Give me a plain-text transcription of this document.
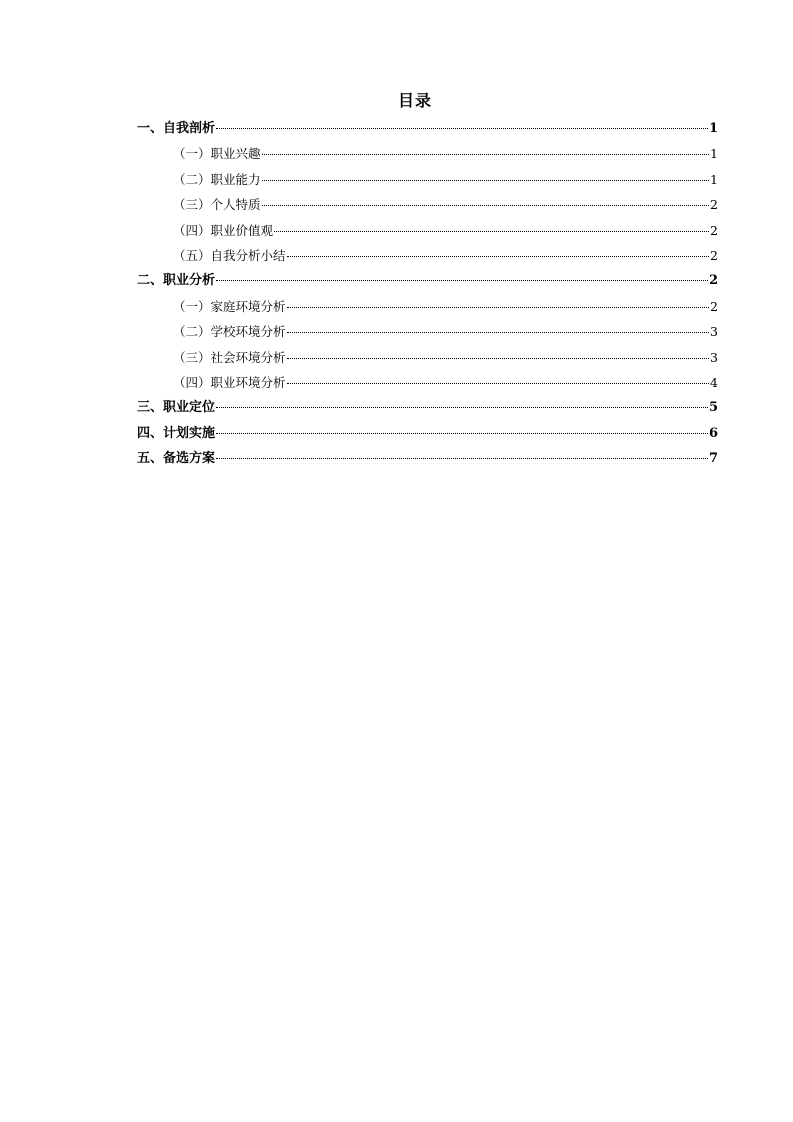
目录
一、自我剖析	1
（一）职业兴趣	1
（二）职业能力	1
（三）个人特质	2
（四）职业价值观	2
（五）自我分析小结	2
二、职业分析	2
（一）家庭环境分析	2
（二）学校环境分析	3
（三）社会环境分析	3
（四）职业环境分析	4
三、职业定位	5
四、计划实施	6
五、备选方案	7
